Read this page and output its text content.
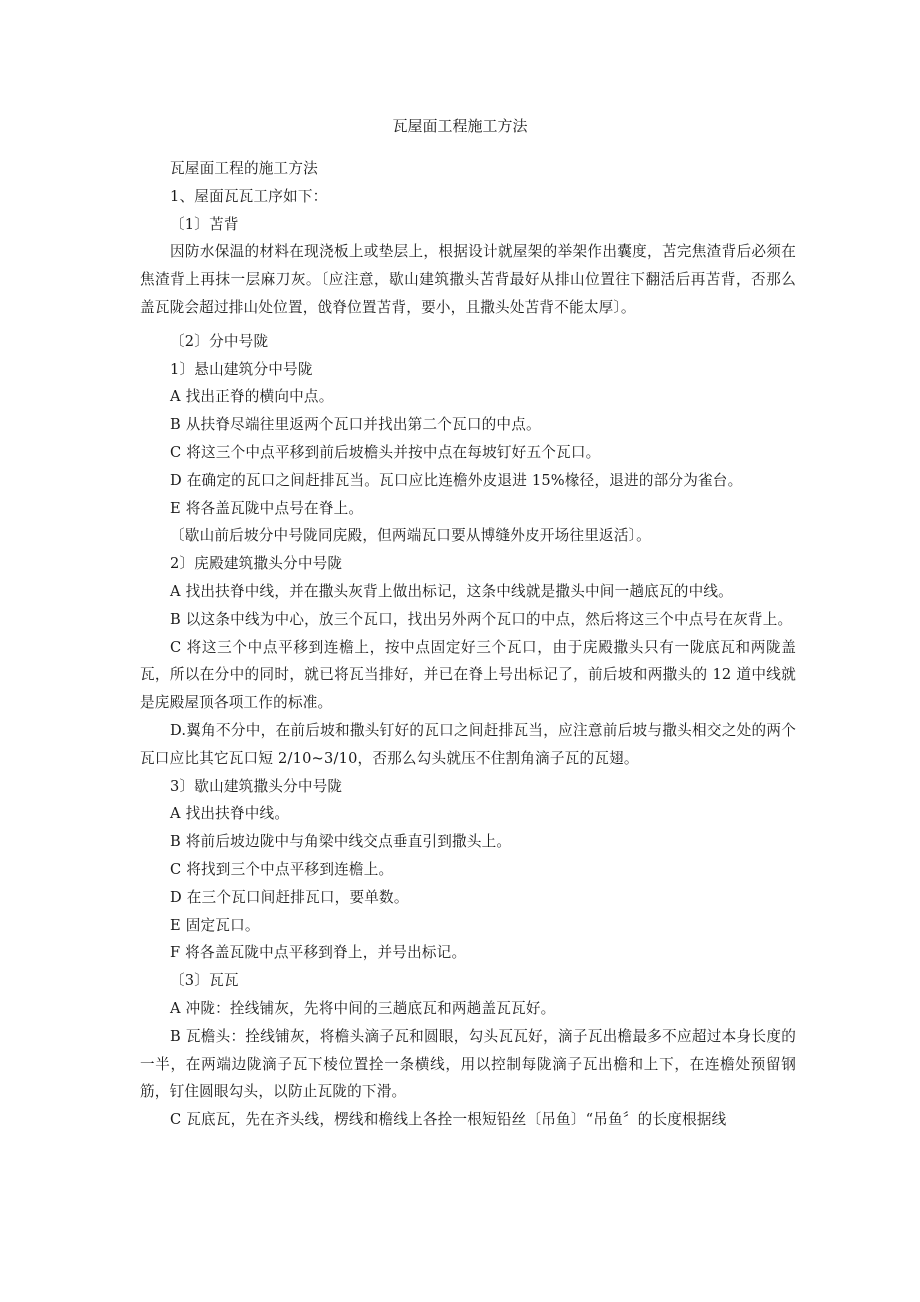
瓦屋面工程施工方法

瓦屋面工程的施工方法

1、屋面瓦瓦工序如下：

〔1〕苫背

因防水保温的材料在现浇板上或垫层上，根据设计就屋架的举架作出囊度，苫完焦渣背后必须在焦渣背上再抹一层麻刀灰。〔应注意，歇山建筑撒头苫背最好从排山位置往下翻活后再苫背，否那么盖瓦陇会超过排山处位置，戗脊位置苫背，要小，且撒头处苫背不能太厚〕。

〔2〕分中号陇

1〕悬山建筑分中号陇

A 找出正脊的横向中点。

B 从扶脊尽端往里返两个瓦口并找出第二个瓦口的中点。

C 将这三个中点平移到前后坡檐头并按中点在每坡钉好五个瓦口。

D 在确定的瓦口之间赶排瓦当。瓦口应比连檐外皮退进 15%椽径，退进的部分为雀台。

E 将各盖瓦陇中点号在脊上。

〔歇山前后坡分中号陇同庑殿，但两端瓦口要从博缝外皮开场往里返活〕。

2〕庑殿建筑撒头分中号陇

A 找出扶脊中线，并在撒头灰背上做出标记，这条中线就是撒头中间一趟底瓦的中线。

B 以这条中线为中心，放三个瓦口，找出另外两个瓦口的中点，然后将这三个中点号在灰背上。

C 将这三个中点平移到连檐上，按中点固定好三个瓦口，由于庑殿撒头只有一陇底瓦和两陇盖瓦，所以在分中的同时，就已将瓦当排好，并已在脊上号出标记了，前后坡和两撒头的 12 道中线就是庑殿屋顶各项工作的标准。

D.翼角不分中，在前后坡和撒头钉好的瓦口之间赶排瓦当，应注意前后坡与撒头相交之处的两个瓦口应比其它瓦口短 2/10~3/10，否那么勾头就压不住割角滴子瓦的瓦翅。

3〕歇山建筑撒头分中号陇

A 找出扶脊中线。

B 将前后坡边陇中与角梁中线交点垂直引到撒头上。

C 将找到三个中点平移到连檐上。

D 在三个瓦口间赶排瓦口，要单数。

E 固定瓦口。

F 将各盖瓦陇中点平移到脊上，并号出标记。

〔3〕瓦瓦

A 冲陇：拴线铺灰，先将中间的三趟底瓦和两趟盖瓦瓦好。

B 瓦檐头：拴线铺灰，将檐头滴子瓦和圆眼，勾头瓦瓦好，滴子瓦出檐最多不应超过本身长度的一半，在两端边陇滴子瓦下棱位置拴一条横线，用以控制每陇滴子瓦出檐和上下，在连檐处预留钢筋，钉住圆眼勾头，以防止瓦陇的下滑。

C 瓦底瓦，先在齐头线，楞线和檐线上各拴一根短铅丝〔吊鱼〕“吊鱼〞的长度根据线
